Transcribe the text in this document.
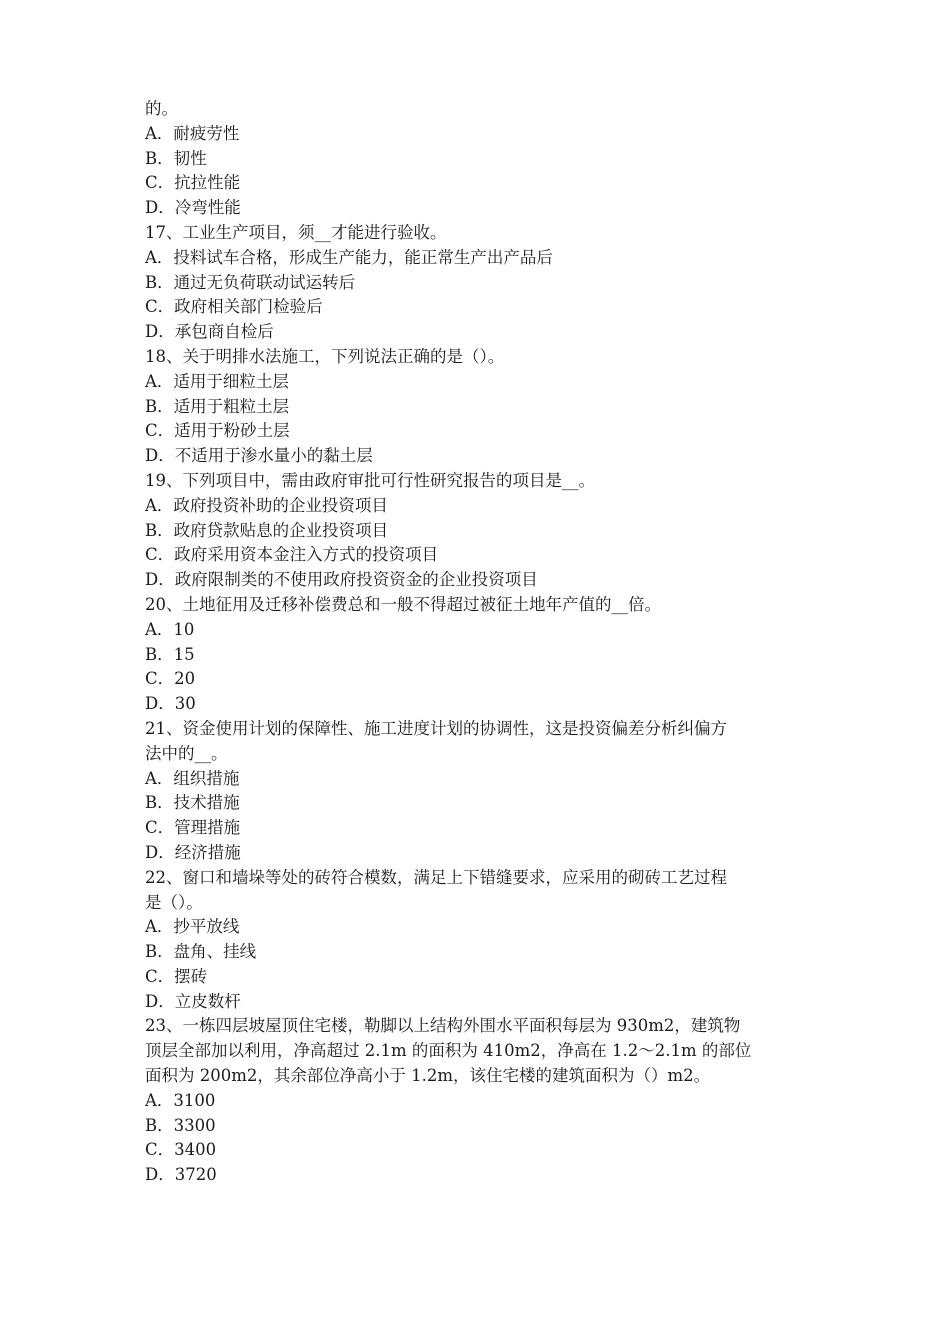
的。
A．耐疲劳性
B．韧性
C．抗拉性能
D．冷弯性能
17、工业生产项目，须__才能进行验收。
A．投料试车合格，形成生产能力，能正常生产出产品后
B．通过无负荷联动试运转后
C．政府相关部门检验后
D．承包商自检后
18、关于明排水法施工，下列说法正确的是（）。
A．适用于细粒土层
B．适用于粗粒土层
C．适用于粉砂土层
D．不适用于渗水量小的黏土层
19、下列项目中，需由政府审批可行性研究报告的项目是__。
A．政府投资补助的企业投资项目
B．政府贷款贴息的企业投资项目
C．政府采用资本金注入方式的投资项目
D．政府限制类的不使用政府投资资金的企业投资项目
20、土地征用及迁移补偿费总和一般不得超过被征土地年产值的__倍。
A．10
B．15
C．20
D．30
21、资金使用计划的保障性、施工进度计划的协调性，这是投资偏差分析纠偏方
法中的__。
A．组织措施
B．技术措施
C．管理措施
D．经济措施
22、窗口和墙垛等处的砖符合模数，满足上下错缝要求，应采用的砌砖工艺过程
是（）。
A．抄平放线
B．盘角、挂线
C．摆砖
D．立皮数杆
23、一栋四层坡屋顶住宅楼，勒脚以上结构外围水平面积每层为 930m2，建筑物
顶层全部加以利用，净高超过 2.1m 的面积为 410m2，净高在 1.2～2.1m 的部位
面积为 200m2，其余部位净高小于 1.2m，该住宅楼的建筑面积为（）m2。
A．3100
B．3300
C．3400
D．3720
